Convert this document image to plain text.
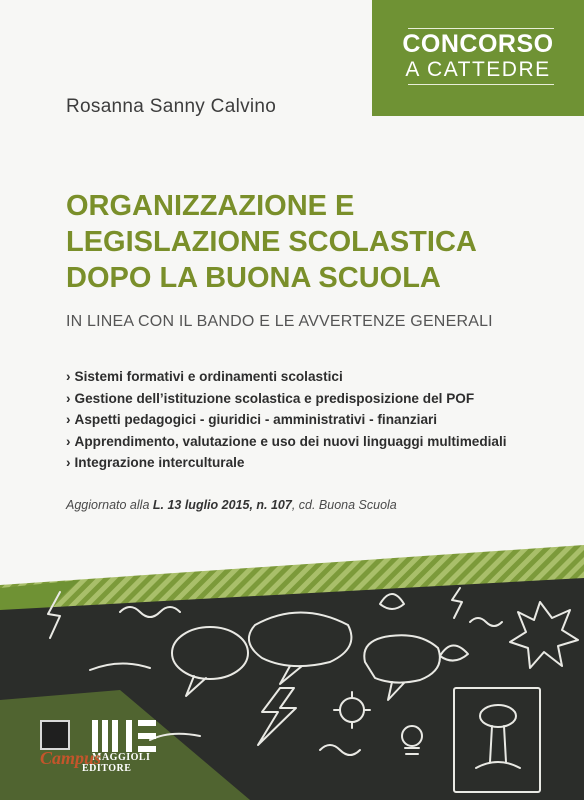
CONCORSO
A CATTEDRE
Rosanna Sanny Calvino
ORGANIZZAZIONE E
LEGISLAZIONE SCOLASTICA
DOPO LA BUONA SCUOLA
IN LINEA CON IL BANDO E LE AVVERTENZE GENERALI
› Sistemi formativi e ordinamenti scolastici
› Gestione dell’istituzione scolastica e predisposizione del POF
› Aspetti pedagogici - giuridici - amministrativi - finanziari
› Apprendimento, valutazione e uso dei nuovi linguaggi multimediali
› Integrazione interculturale
Aggiornato alla L. 13 luglio 2015, n. 107, cd. Buona Scuola
MAGGIOLI
EDITORE
Campus
